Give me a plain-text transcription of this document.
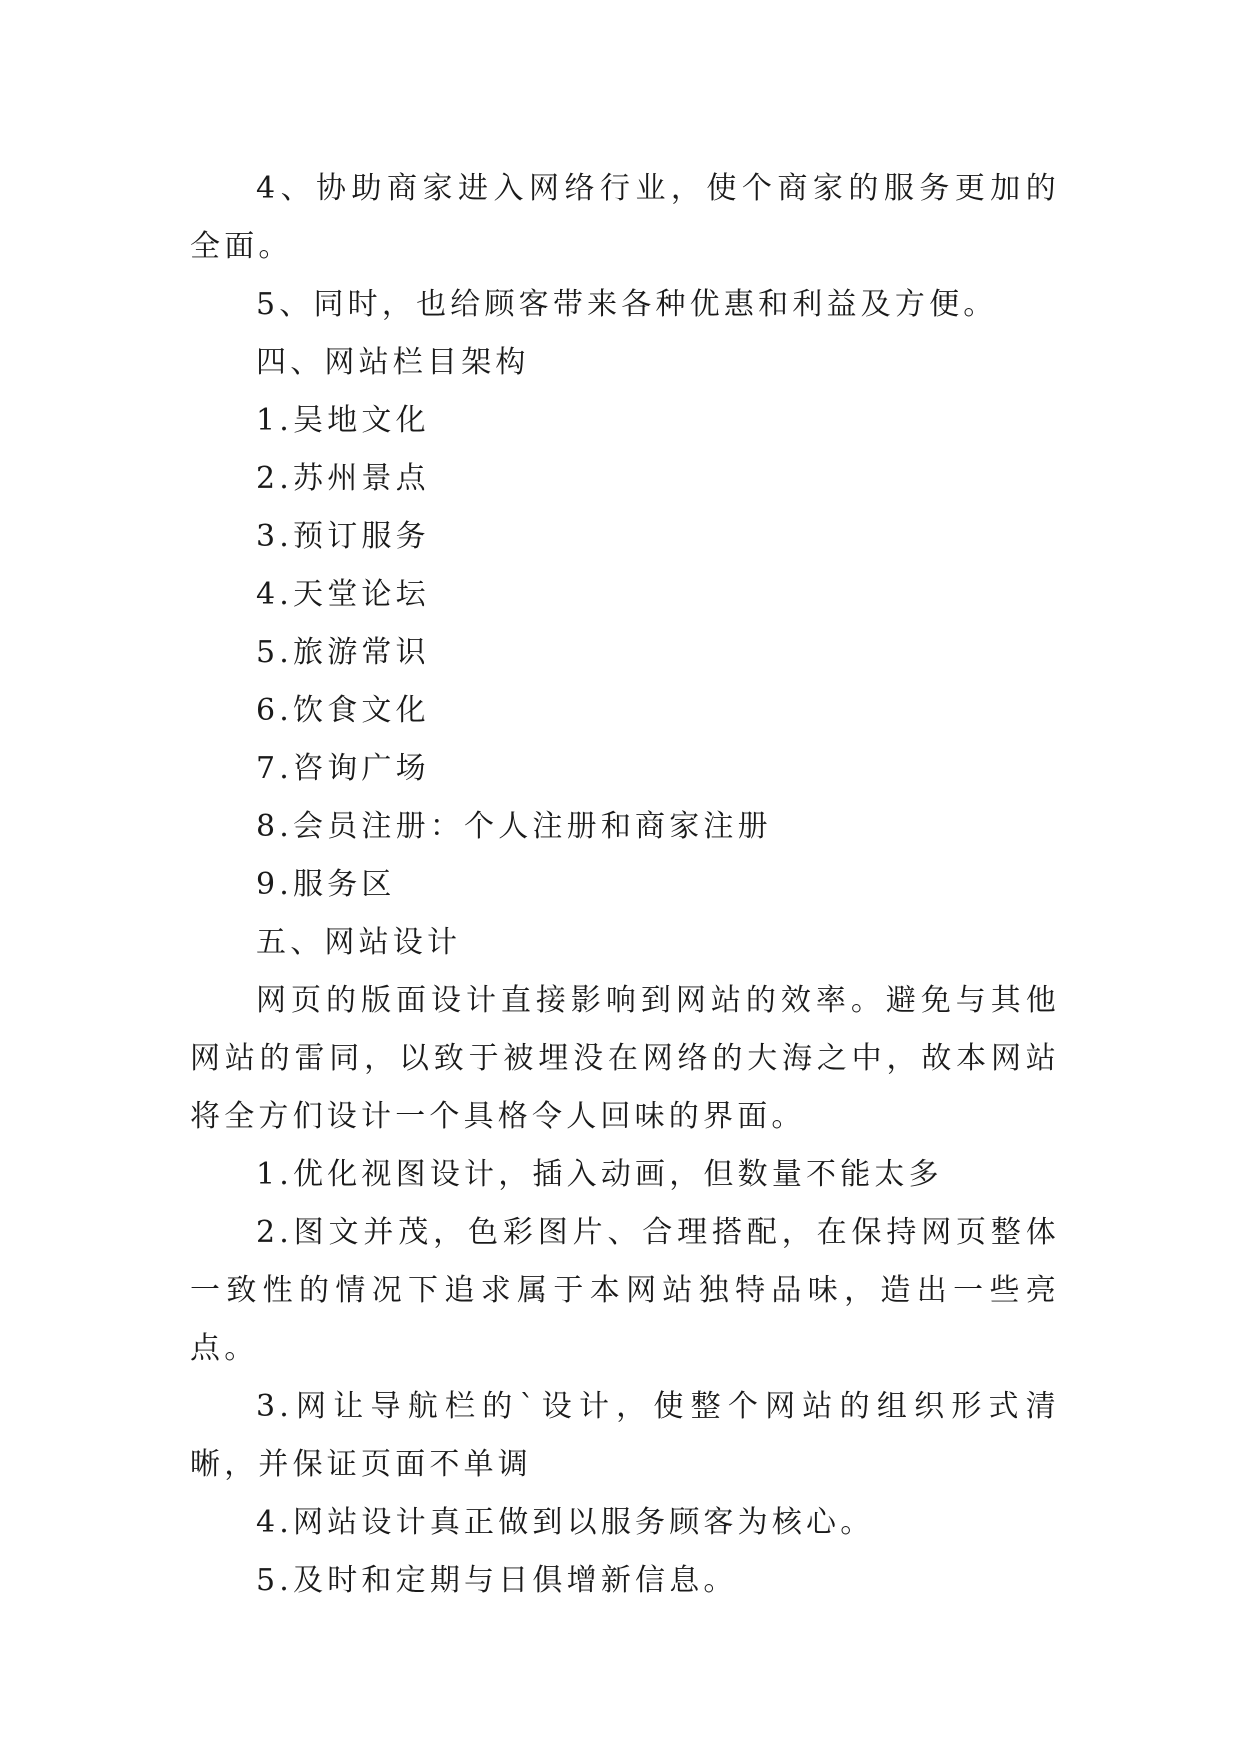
4、协助商家进入网络行业，使个商家的服务更加的全面。

5、同时，也给顾客带来各种优惠和利益及方便。

四、网站栏目架构

1.吴地文化

2.苏州景点

3.预订服务

4.天堂论坛

5.旅游常识

6.饮食文化

7.咨询广场

8.会员注册：个人注册和商家注册

9.服务区

五、网站设计

网页的版面设计直接影响到网站的效率。避免与其他网站的雷同，以致于被埋没在网络的大海之中，故本网站将全方们设计一个具格令人回味的界面。

1.优化视图设计，插入动画，但数量不能太多

2.图文并茂，色彩图片、合理搭配，在保持网页整体一致性的情况下追求属于本网站独特品味，造出一些亮点。

3.网让导航栏的`设计，使整个网站的组织形式清晰，并保证页面不单调

4.网站设计真正做到以服务顾客为核心。

5.及时和定期与日俱增新信息。
